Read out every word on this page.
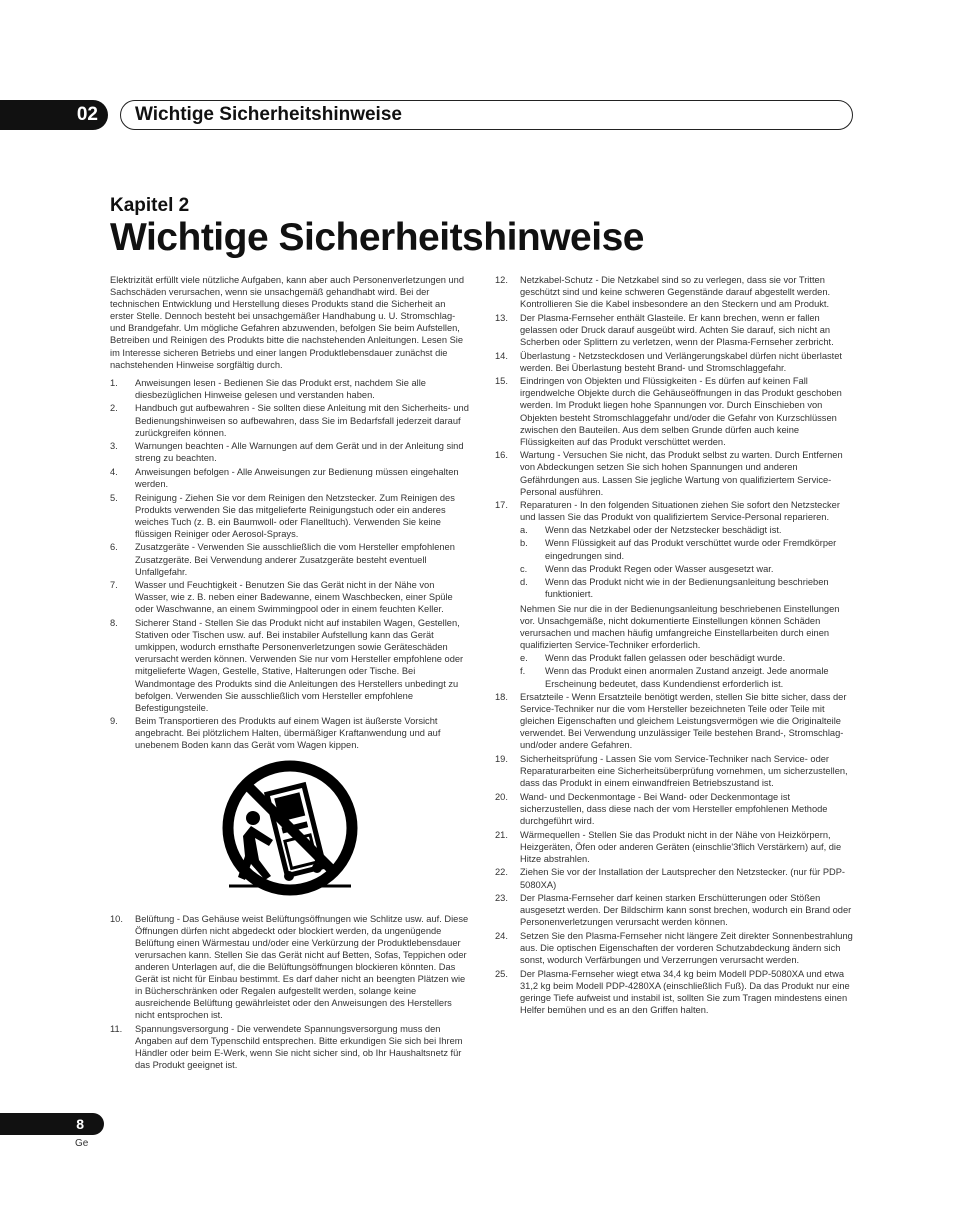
02	Wichtige Sicherheitshinweise
Kapitel 2
Wichtige Sicherheitshinweise

Elektrizität erfüllt viele nützliche Aufgaben, kann aber auch Personenverletzungen und Sachschäden verursachen, wenn sie unsachgemäß gehandhabt wird. Bei der technischen Entwicklung und Herstellung dieses Produkts stand die Sicherheit an erster Stelle. Dennoch besteht bei unsachgemäßer Handhabung u. U. Stromschlag- und Brandgefahr. Um mögliche Gefahren abzuwenden, befolgen Sie beim Aufstellen, Betreiben und Reinigen des Produkts bitte die nachstehenden Anleitungen. Lesen Sie im Interesse sicheren Betriebs und einer langen Produktlebensdauer zunächst die nachstehenden Hinweise sorgfältig durch.

1.	Anweisungen lesen - Bedienen Sie das Produkt erst, nachdem Sie alle diesbezüglichen Hinweise gelesen und verstanden haben.
2.	Handbuch gut aufbewahren - Sie sollten diese Anleitung mit den Sicherheits- und Bedienungshinweisen so aufbewahren, dass Sie im Bedarfsfall jederzeit darauf zurückgreifen können.
3.	Warnungen beachten - Alle Warnungen auf dem Gerät und in der Anleitung sind streng zu beachten.
4.	Anweisungen befolgen - Alle Anweisungen zur Bedienung müssen eingehalten werden.
5.	Reinigung - Ziehen Sie vor dem Reinigen den Netzstecker. Zum Reinigen des Produkts verwenden Sie das mitgelieferte Reinigungstuch oder ein anderes weiches Tuch (z. B. ein Baumwoll- oder Flanelltuch). Verwenden Sie keine flüssigen Reiniger oder Aerosol-Sprays.
6.	Zusatzgeräte - Verwenden Sie ausschließlich die vom Hersteller empfohlenen Zusatzgeräte. Bei Verwendung anderer Zusatzgeräte besteht eventuell Unfallgefahr.
7.	Wasser und Feuchtigkeit - Benutzen Sie das Gerät nicht in der Nähe von Wasser, wie z. B. neben einer Badewanne, einem Waschbecken, einer Spüle oder Waschwanne, an einem Swimmingpool oder in einem feuchten Keller.
8.	Sicherer Stand - Stellen Sie das Produkt nicht auf instabilen Wagen, Gestellen, Stativen oder Tischen usw. auf. Bei instabiler Aufstellung kann das Gerät umkippen, wodurch ernsthafte Personenverletzungen sowie Geräteschäden verursacht werden können. Verwenden Sie nur vom Hersteller empfohlene oder mitgelieferte Wagen, Gestelle, Stative, Halterungen oder Tische. Bei Wandmontage des Produkts sind die Anleitungen des Herstellers unbedingt zu befolgen. Verwenden Sie ausschließlich vom Hersteller empfohlene Befestigungsteile.
9.	Beim Transportieren des Produkts auf einem Wagen ist äußerste Vorsicht angebracht. Bei plötzlichem Halten, übermäßiger Kraftanwendung und auf unebenem Boden kann das Gerät vom Wagen kippen.
10.	Belüftung - Das Gehäuse weist Belüftungsöffnungen wie Schlitze usw. auf. Diese Öffnungen dürfen nicht abgedeckt oder blockiert werden, da ungenügende Belüftung einen Wärmestau und/oder eine Verkürzung der Produktlebensdauer verursachen kann. Stellen Sie das Gerät nicht auf Betten, Sofas, Teppichen oder anderen Unterlagen auf, die die Belüftungsöffnungen blockieren könnten. Das Gerät ist nicht für Einbau bestimmt. Es darf daher nicht an beengten Plätzen wie in Bücherschränken oder Regalen aufgestellt werden, solange keine ausreichende Belüftung gewährleistet oder den Anweisungen des Herstellers nicht entsprochen ist.
11.	Spannungsversorgung - Die verwendete Spannungsversorgung muss den Angaben auf dem Typenschild entsprechen. Bitte erkundigen Sie sich bei Ihrem Händler oder beim E-Werk, wenn Sie nicht sicher sind, ob Ihr Haushaltsnetz für das Produkt geeignet ist.
12.	Netzkabel-Schutz - Die Netzkabel sind so zu verlegen, dass sie vor Tritten geschützt sind und keine schweren Gegenstände darauf abgestellt werden. Kontrollieren Sie die Kabel insbesondere an den Steckern und am Produkt.
13.	Der Plasma-Fernseher enthält Glasteile. Er kann brechen, wenn er fallen gelassen oder Druck darauf ausgeübt wird. Achten Sie darauf, sich nicht an Scherben oder Splittern zu verletzen, wenn der Plasma-Fernseher zerbricht.
14.	Überlastung - Netzsteckdosen und Verlängerungskabel dürfen nicht überlastet werden. Bei Überlastung besteht Brand- und Stromschlaggefahr.
15.	Eindringen von Objekten und Flüssigkeiten - Es dürfen auf keinen Fall irgendwelche Objekte durch die Gehäuseöffnungen in das Produkt geschoben werden. Im Produkt liegen hohe Spannungen vor. Durch Einschieben von Objekten besteht Stromschlaggefahr und/oder die Gefahr von Kurzschlüssen zwischen den Bauteilen. Aus dem selben Grunde dürfen auch keine Flüssigkeiten auf das Produkt verschüttet werden.
16.	Wartung - Versuchen Sie nicht, das Produkt selbst zu warten. Durch Entfernen von Abdeckungen setzen Sie sich hohen Spannungen und anderen Gefährdungen aus. Lassen Sie jegliche Wartung von qualifiziertem Service-Personal ausführen.
17.	Reparaturen - In den folgenden Situationen ziehen Sie sofort den Netzstecker und lassen Sie das Produkt von qualifiziertem Service-Personal reparieren.
a. Wenn das Netzkabel oder der Netzstecker beschädigt ist.
b. Wenn Flüssigkeit auf das Produkt verschüttet wurde oder Fremdkörper eingedrungen sind.
c. Wenn das Produkt Regen oder Wasser ausgesetzt war.
d. Wenn das Produkt nicht wie in der Bedienungsanleitung beschrieben funktioniert.
Nehmen Sie nur die in der Bedienungsanleitung beschriebenen Einstellungen vor. Unsachgemäße, nicht dokumentierte Einstellungen können Schäden verursachen und machen häufig umfangreiche Einstellarbeiten durch einen qualifizierten Service-Techniker erforderlich.
e. Wenn das Produkt fallen gelassen oder beschädigt wurde.
f. Wenn das Produkt einen anormalen Zustand anzeigt. Jede anormale Erscheinung bedeutet, dass Kundendienst erforderlich ist.
18.	Ersatzteile - Wenn Ersatzteile benötigt werden, stellen Sie bitte sicher, dass der Service-Techniker nur die vom Hersteller bezeichneten Teile oder Teile mit gleichen Eigenschaften und gleichem Leistungsvermögen wie die Originalteile verwendet. Bei Verwendung unzulässiger Teile bestehen Brand-, Stromschlag- und/oder andere Gefahren.
19.	Sicherheitsprüfung - Lassen Sie vom Service-Techniker nach Service- oder Reparaturarbeiten eine Sicherheitsüberprüfung vornehmen, um sicherzustellen, dass das Produkt in einem einwandfreien Betriebszustand ist.
20.	Wand- und Deckenmontage - Bei Wand- oder Deckenmontage ist sicherzustellen, dass diese nach der vom Hersteller empfohlenen Methode durchgeführt wird.
21.	Wärmequellen - Stellen Sie das Produkt nicht in der Nähe von Heizkörpern, Heizgeräten, Öfen oder anderen Geräten (einschlie'3flich Verstärkern) auf, die Hitze abstrahlen.
22.	Ziehen Sie vor der Installation der Lautsprecher den Netzstecker. (nur für PDP-5080XA)
23.	Der Plasma-Fernseher darf keinen starken Erschütterungen oder Stößen ausgesetzt werden. Der Bildschirm kann sonst brechen, wodurch ein Brand oder Personenverletzungen verursacht werden können.
24.	Setzen Sie den Plasma-Fernseher nicht längere Zeit direkter Sonnenbestrahlung aus. Die optischen Eigenschaften der vorderen Schutzabdeckung ändern sich sonst, wodurch Verfärbungen und Verzerrungen verursacht werden.
25.	Der Plasma-Fernseher wiegt etwa 34,4 kg beim Modell PDP-5080XA und etwa 31,2 kg beim Modell PDP-4280XA (einschließlich Fuß). Da das Produkt nur eine geringe Tiefe aufweist und instabil ist, sollten Sie zum Tragen mindestens einen Helfer bemühen und es an den Griffen halten.
8
Ge
